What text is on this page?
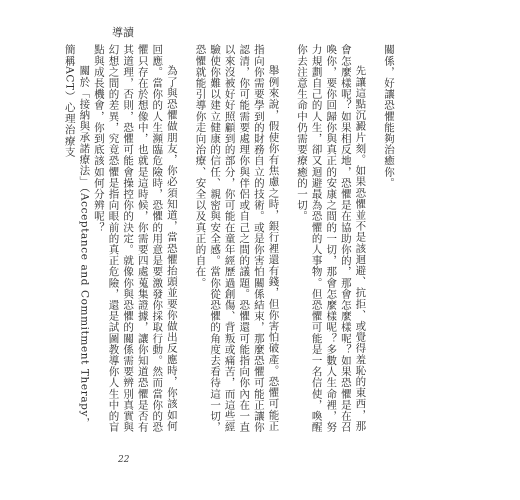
導讀

關係，好讓恐懼能夠治癒你。

先讓這點沉澱片刻。如果恐懼並不是該迴避、抗拒、或覺得羞恥的東西，那會怎麼樣呢？如果相反地，恐懼是在協助你的，那會怎麼樣呢？如果恐懼是在召喚你，要你回歸你與真正的安康之間的一切，那會怎麼樣呢？多數人生命裡，努力規劃自己的人生，卻又迴避最為恐懼的人事物。但恐懼可能是一名信使，喚醒你去注意生命中仍需要療癒的一切。

舉例來說，假使你有焦慮之時，銀行裡還有錢，但你害怕破產。恐懼可能正指向你需要學到的財務自立的技術。或是你害怕關係結束，那麼恐懼可能正讓你認清，你可能需要處理你與伴侶或自己之間的議題。恐懼還可能指向你內在一直以來沒被好好照顧到的部分，你可能在童年經歷過創傷、背叛或痛苦，而這些經驗使你難以建立健康的信任、親密與安全感。當你從恐懼的角度去看待這一切，恐懼就能引導你走向治療、安全以及真正的自在。

為了與恐懼做朋友，你必須知道，當恐懼抬頭並要你做出反應時，你該如何回應。當你的人生瀕臨危險時，恐懼的用意是要激發你採取行動。然而當你的恐懼只存在於想像中，也就是這時候，你需要四處蒐集證據，讓你知道恐懼是否有其道理，否則，恐懼可能會操控你的決定。就像你與恐懼的關係需要辨別真實與幻想之間的差異，究竟恐懼是指向眼前的真正危險，還是試圖教導你人生中的盲點與成長機會，你到底該如何分辨呢？

關於「接納與承諾療法」（Acceptance and Commitment Therapy，簡稱ACT）心理治療支

22
